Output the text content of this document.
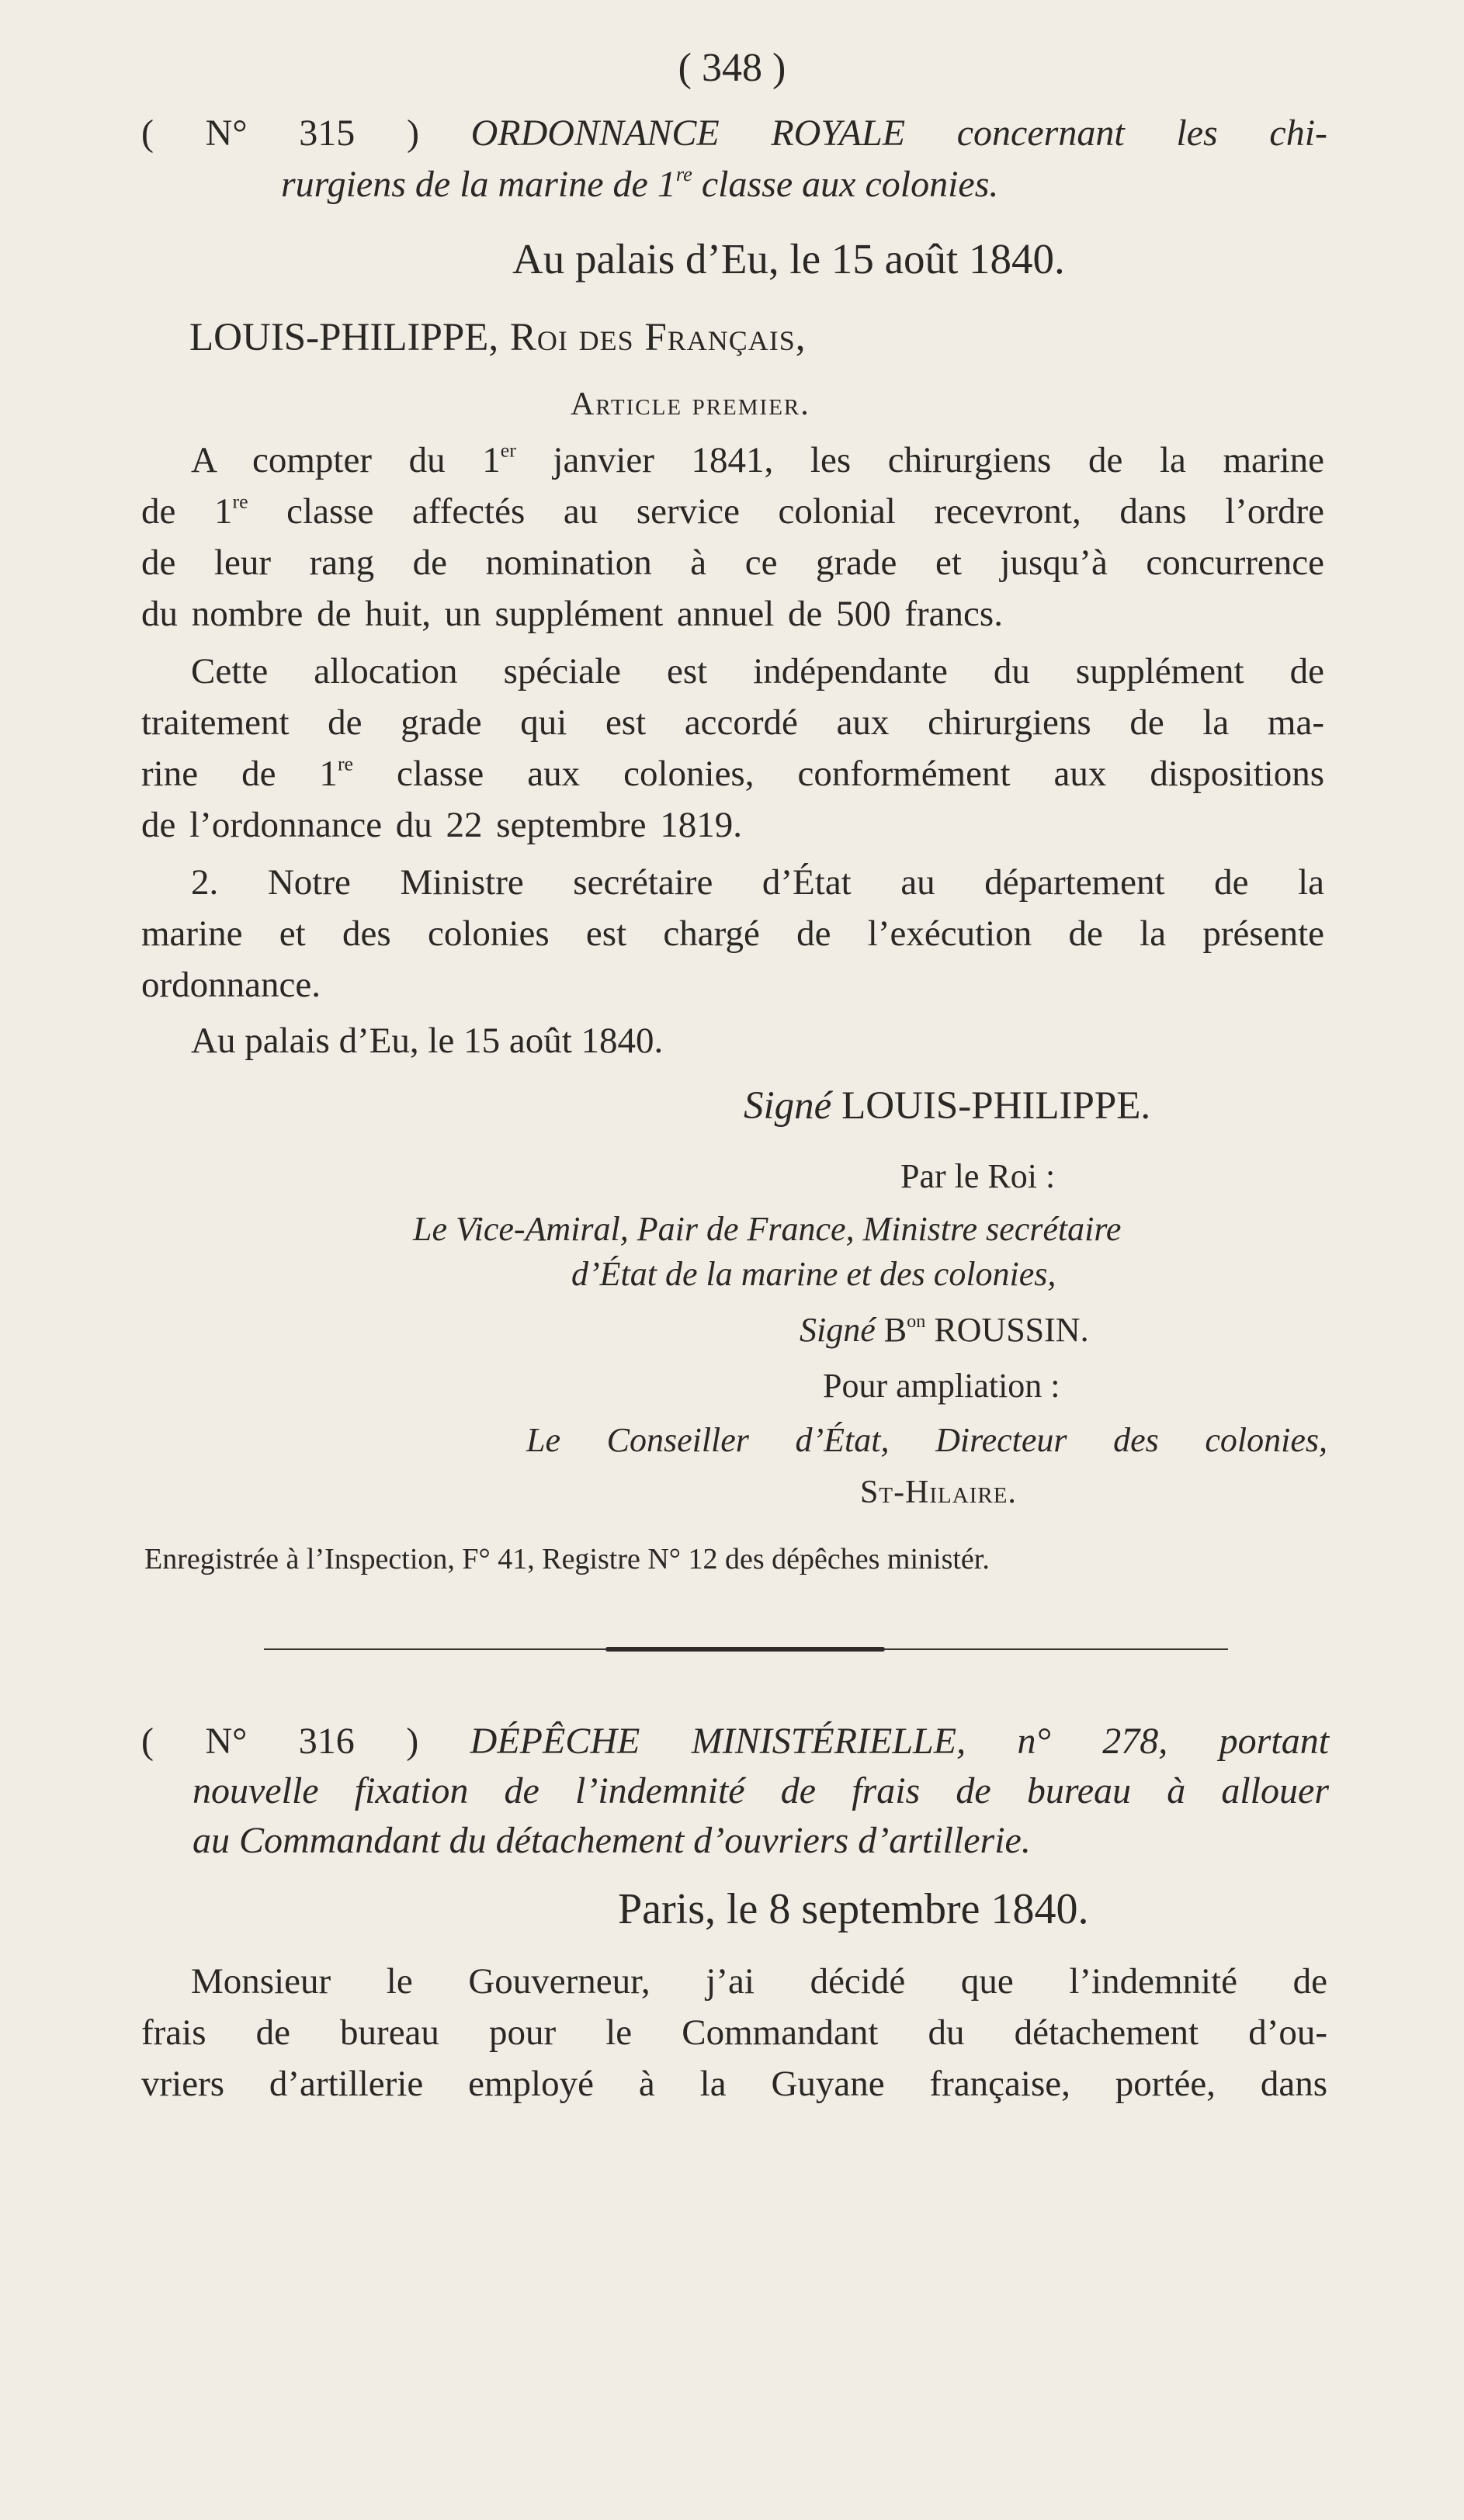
( 348 )
( N° 315 ) ORDONNANCE ROYALE concernant les chi-
rurgiens de la marine de 1re classe aux colonies.
Au palais d’Eu, le 15 août 1840.
LOUIS-PHILIPPE, Roi des Français,
Article premier.
A compter du 1er janvier 1841, les chirurgiens de la marine
de 1re classe affectés au service colonial recevront, dans l’ordre
de leur rang de nomination à ce grade et jusqu’à concurrence
du nombre de huit, un supplément annuel de 500 francs.
Cette allocation spéciale est indépendante du supplément de
traitement de grade qui est accordé aux chirurgiens de la ma-
rine de 1re classe aux colonies, conformément aux dispositions
de l’ordonnance du 22 septembre 1819.
2. Notre Ministre secrétaire d’État au département de la
marine et des colonies est chargé de l’exécution de la présente
ordonnance.
Au palais d’Eu, le 15 août 1840.
Signé LOUIS-PHILIPPE.
Par le Roi :
Le Vice-Amiral, Pair de France, Ministre secrétaire
d’État de la marine et des colonies,
Signé $B^{on}$ ROUSSIN.
Pour ampliation :
Le Conseiller d’État, Directeur des colonies,
St-Hilaire.
Enregistrée à l’Inspection, F° 41, Registre N° 12 des dépêches ministér.
( N° 316 ) DÉPÊCHE MINISTÉRIELLE, n° 278, portant
nouvelle fixation de l’indemnité de frais de bureau à allouer
au Commandant du détachement d’ouvriers d’artillerie.
Paris, le 8 septembre 1840.
Monsieur le Gouverneur, j’ai décidé que l’indemnité de
frais de bureau pour le Commandant du détachement d’ou-
vriers d’artillerie employé à la Guyane française, portée, dans
